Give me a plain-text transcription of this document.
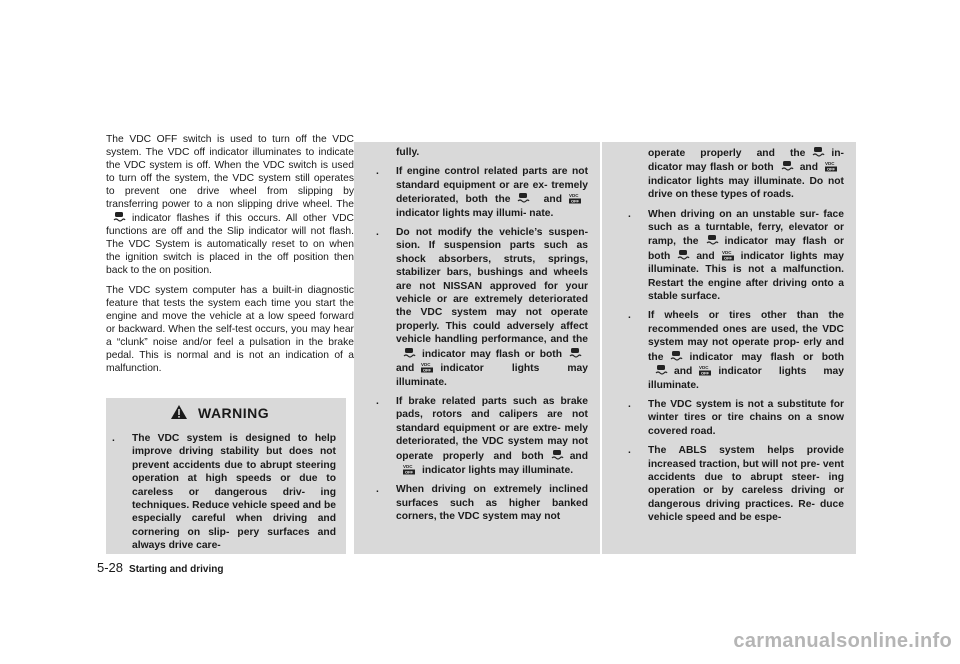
The VDC OFF switch is used to turn off the VDC system. The VDC off indicator illuminates to indicate the VDC system is off. When the VDC switch is used to turn off the system, the VDC system still operates to prevent one drive wheel from slipping by transferring power to a non slipping drive wheel. Theindicator flashes if this occurs. All other VDC functions are off and the Slip indicator will not flash. The VDC System is automatically reset to on when the ignition switch is placed in the off position then back to the on position.

The VDC system computer has a built-in diagnostic feature that tests the system each time you start the engine and move the vehicle at a low speed forward or backward. When the self-test occurs, you may hear a “clunk” noise and/or feel a pulsation in the brake pedal. This is normal and is not an indication of a malfunction.

WARNING

. The VDC system is designed to help improve driving stability but does not prevent accidents due to abrupt steering operation at high speeds or due to careless or dangerous driv- ing techniques. Reduce vehicle speed and be especially careful when driving and cornering on slip- pery surfaces and always drive care-

fully.

. If engine control related parts are not standard equipment or are ex- tremely deteriorated, both the	and VDC
OFF
indicator lights may illumi- nate.

. Do not modify the vehicle’s suspen- sion. If suspension parts such as shock absorbers, struts, springs, stabilizer bars, bushings and wheels are not NISSAN approved for your vehicle or are extremely deteriorated the VDC system may not operate properly. This could adversely affect vehicle handling performance, and theindicator may flash or bothand VDC
OFF indicator lights may illuminate.

. If brake related parts such as brake pads, rotors and calipers are not standard equipment or are extre- mely deteriorated, the VDC system may not operate properly and both	and
VDC
OFF indicator lights may illuminate.

. When driving on extremely inclined surfaces such as higher banked corners, the VDC system may not

operate properly and the	in- dicator may flash or both	and VDC
OFF
indicator lights may illuminate. Do not drive on these types of roads.

. When driving on an unstable sur- face such as a turntable, ferry, elevator or ramp, the	indicator may flash or both	and VDC
OFF indicator lights may illuminate. This is not a malfunction. Restart the engine after driving onto a stable surface.

. If wheels or tires other than the recommended ones are used, the VDC system may not operate prop- erly and the	indicator may flash or bothand VDC
OFF indicator lights may illuminate.

. The VDC system is not a substitute for winter tires or tire chains on a snow covered road.

. The ABLS system helps provide increased traction, but will not pre- vent accidents due to abrupt steer- ing operation or by careless driving or dangerous driving practices. Re- duce vehicle speed and be espe-

5-28 Starting and driving
carmanualsonline.info
